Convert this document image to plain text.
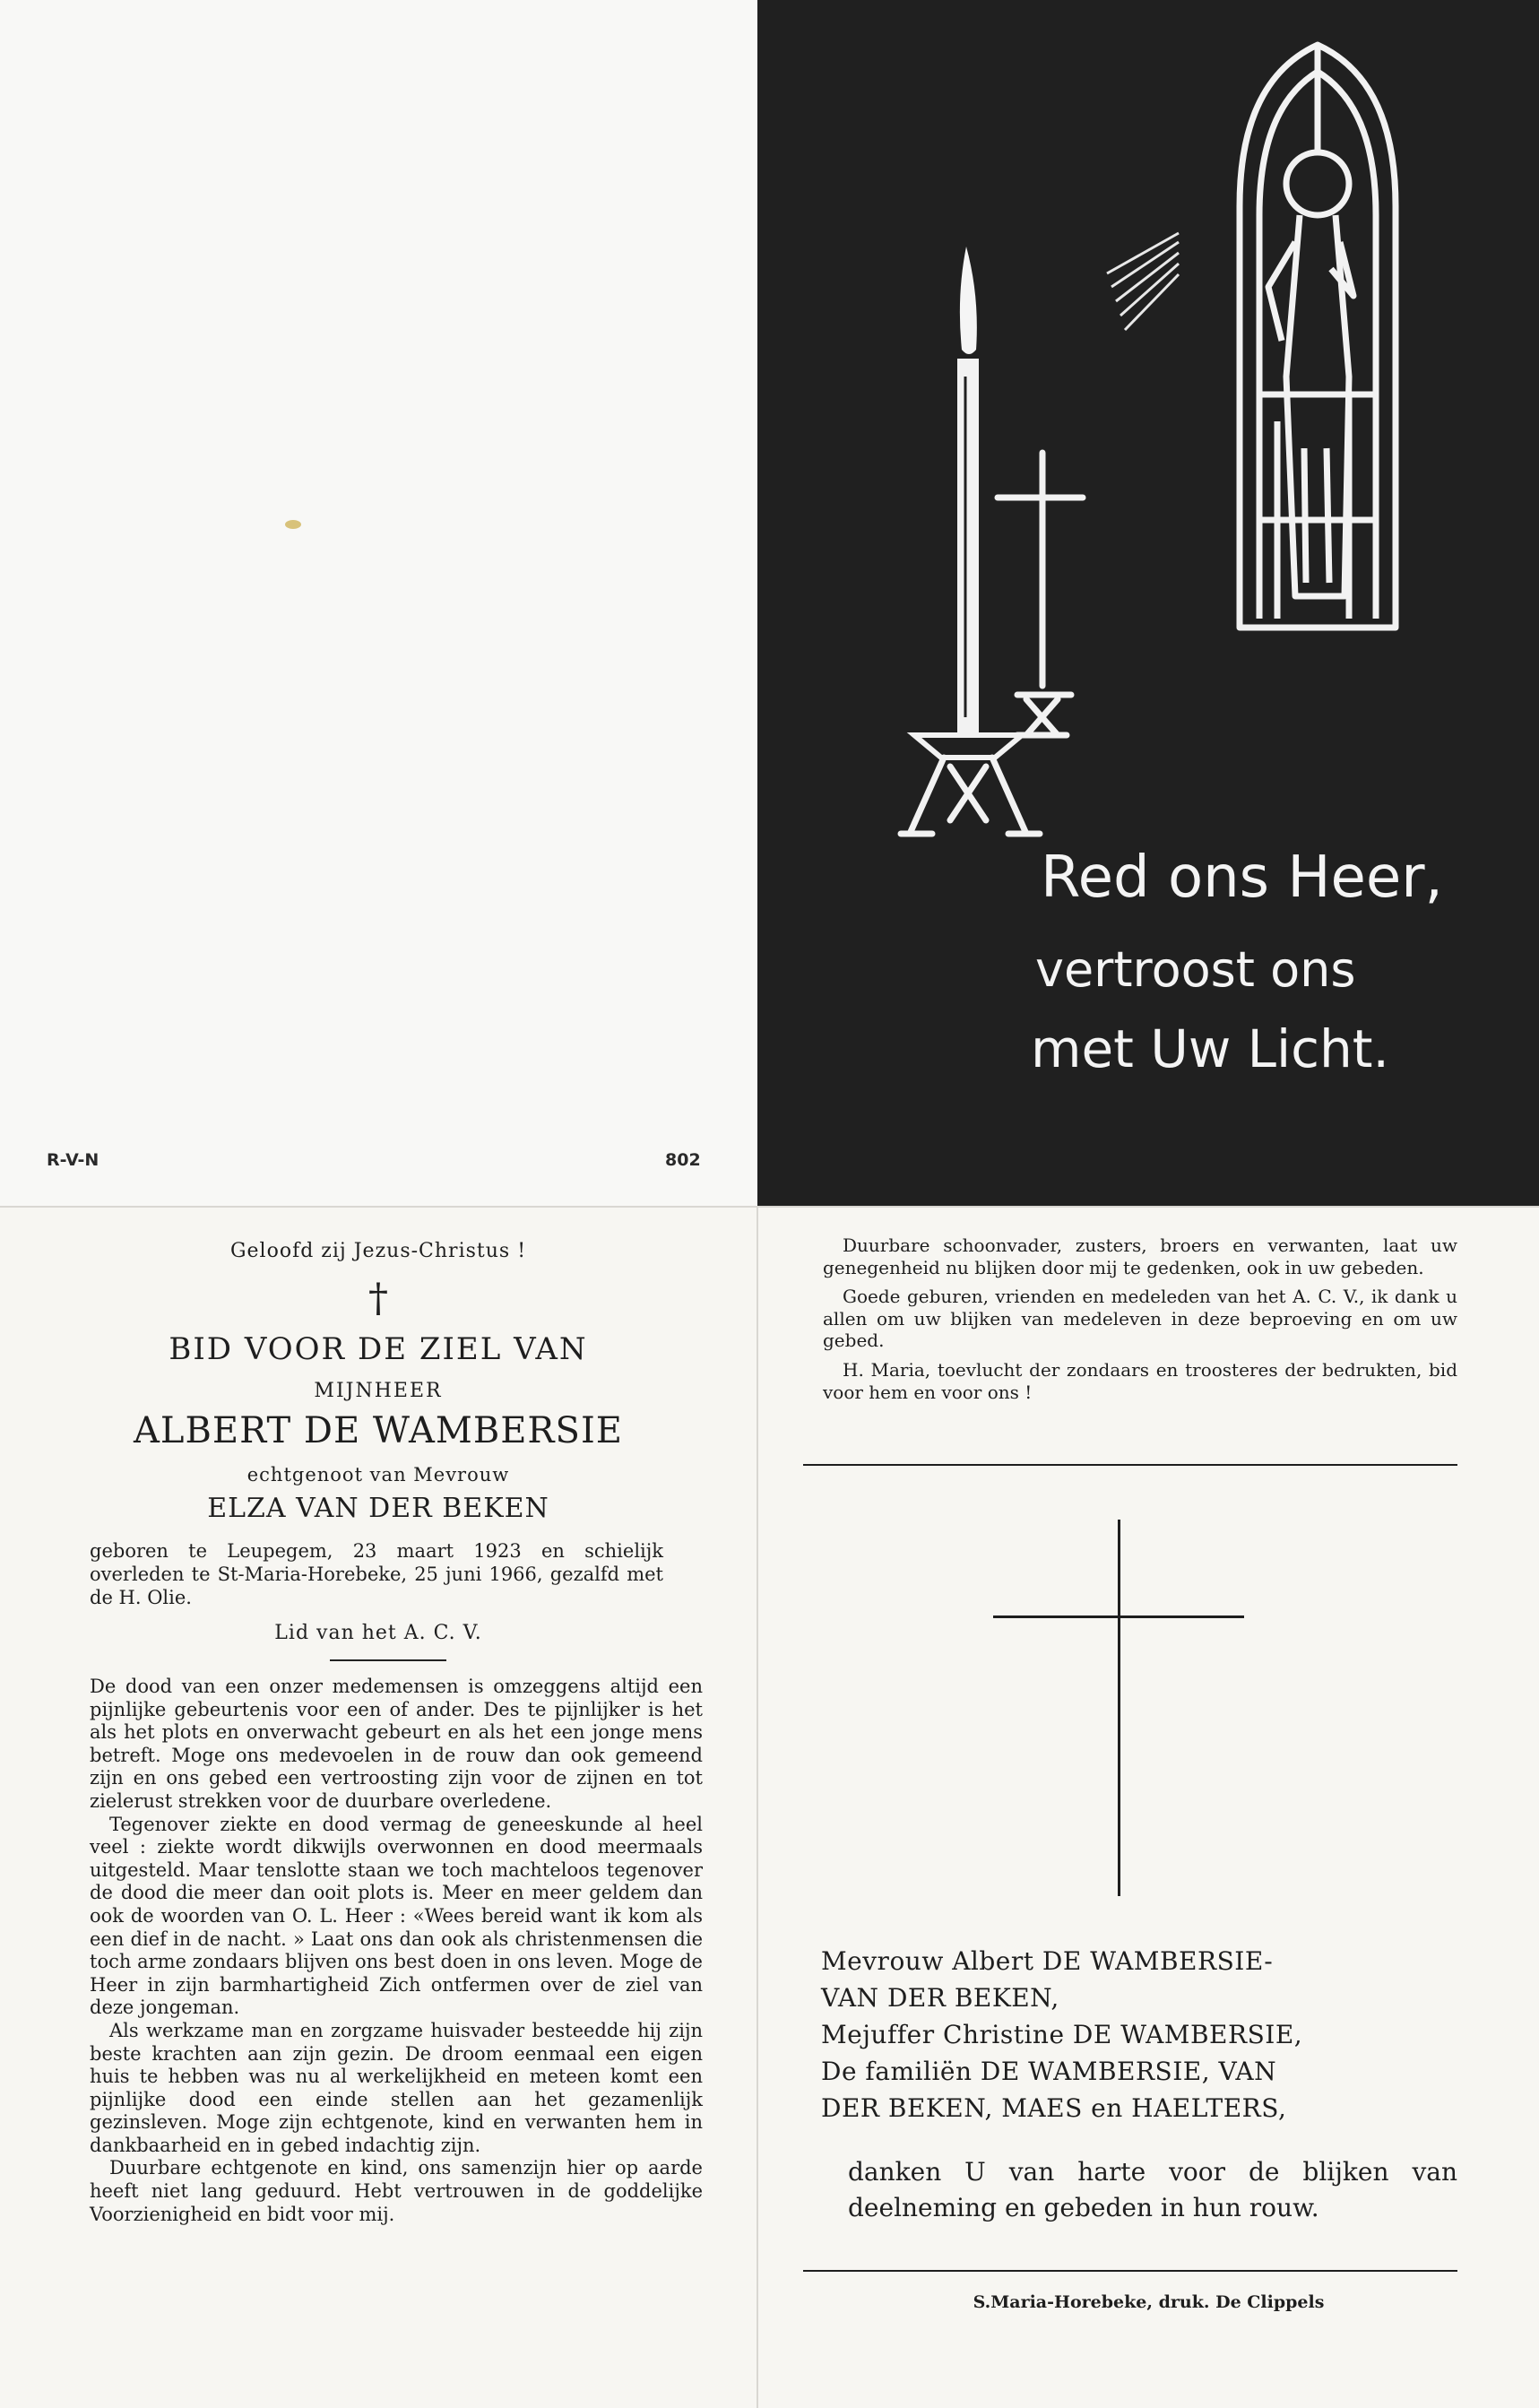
R-V-N	802
Red ons Heer,
vertroost ons
met Uw Licht.
Geloofd zij Jezus-Christus !
†
BID VOOR DE ZIEL VAN
MIJNHEER
ALBERT DE WAMBERSIE
echtgenoot van Mevrouw
ELZA VAN DER BEKEN
geboren te Leupegem, 23 maart 1923 en schielijk overleden te St-Maria-Horebeke, 25 juni 1966, gezalfd met de H. Olie.
Lid van het A. C. V.

De dood van een onzer medemensen is omzeggens altijd een pijnlijke gebeurtenis voor een of ander. Des te pijnlijker is het als het plots en onverwacht gebeurt en als het een jonge mens betreft. Moge ons medevoelen in de rouw dan ook gemeend zijn en ons gebed een vertroosting zijn voor de zijnen en tot zielerust strekken voor de duurbare overledene.

Tegenover ziekte en dood vermag de geneeskunde al heel veel : ziekte wordt dikwijls overwonnen en dood meermaals uitgesteld. Maar tenslotte staan we toch machteloos tegenover de dood die meer dan ooit plots is. Meer en meer geldem dan ook de woorden van O. L. Heer : «Wees bereid want ik kom als een dief in de nacht. » Laat ons dan ook als christenmensen die toch arme zondaars blijven ons best doen in ons leven. Moge de Heer in zijn barmhartigheid Zich ontfermen over de ziel van deze jongeman.

Als werkzame man en zorgzame huisvader besteedde hij zijn beste krachten aan zijn gezin. De droom eenmaal een eigen huis te hebben was nu al werkelijkheid en meteen komt een pijnlijke dood een einde stellen aan het gezamenlijk gezinsleven. Moge zijn echtgenote, kind en verwanten hem in dankbaarheid en in gebed indachtig zijn.

Duurbare echtgenote en kind, ons samenzijn hier op aarde heeft niet lang geduurd. Hebt vertrouwen in de goddelijke Voorzienigheid en bidt voor mij.

Duurbare schoonvader, zusters, broers en verwanten, laat uw genegenheid nu blijken door mij te gedenken, ook in uw gebeden.

Goede geburen, vrienden en medeleden van het A. C. V., ik dank u allen om uw blijken van medeleven in deze beproeving en om uw gebed.

H. Maria, toevlucht der zondaars en troosteres der bedrukten, bid voor hem en voor ons !

Mevrouw Albert DE WAMBERSIE-
VAN DER BEKEN,
Mejuffer Christine DE WAMBERSIE,
De familiën DE WAMBERSIE, VAN
DER BEKEN, MAES en HAELTERS,
danken U van harte voor de blijken van deelneming en gebeden in hun rouw.
S.Maria-Horebeke, druk. De Clippels
